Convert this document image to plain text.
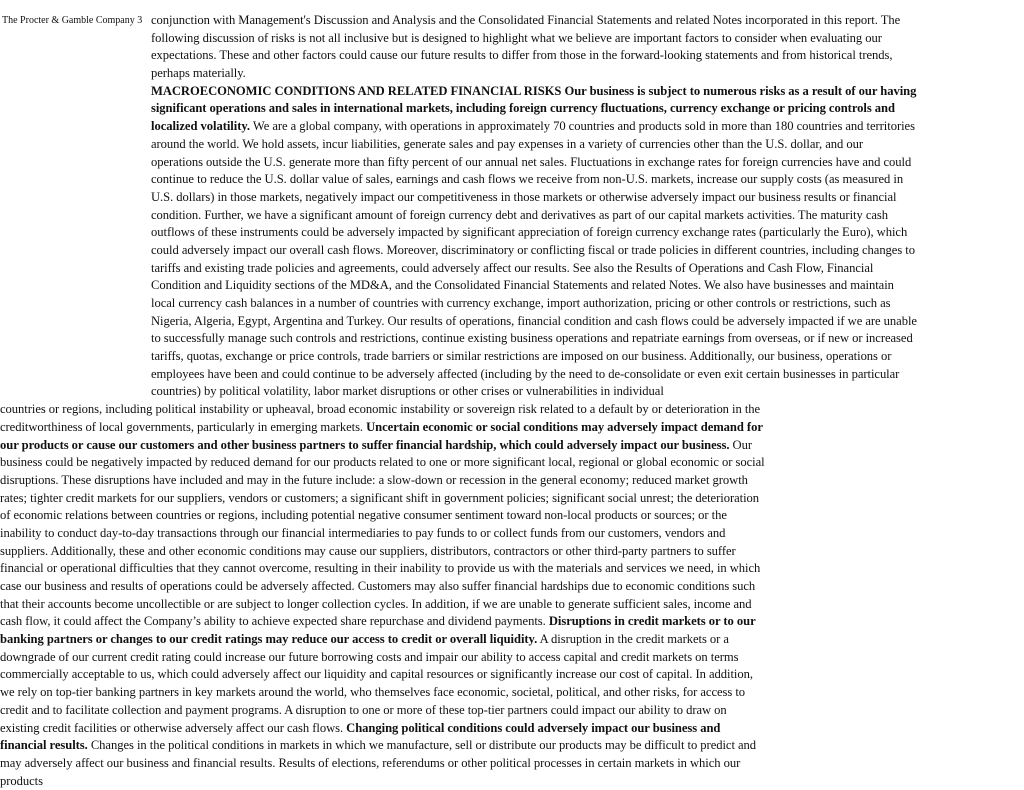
The Procter & Gamble Company 3 conjunction with Management's Discussion and Analysis and the Consolidated Financial Statements and related Notes incorporated in this report. The
following discussion of risks is not all inclusive but is designed to highlight what we believe are important factors to consider when evaluating our
expectations. These and other factors could cause our future results to differ from those in the forward-looking statements and from historical trends,
perhaps materially.
MACROECONOMIC CONDITIONS AND RELATED FINANCIAL RISKS Our business is subject to numerous risks as a result of our having
significant operations and sales in international markets, including foreign currency fluctuations, currency exchange or pricing controls and
localized volatility. We are a global company, with operations in approximately 70 countries and products sold in more than 180 countries and territories
around the world. We hold assets, incur liabilities, generate sales and pay expenses in a variety of currencies other than the U.S. dollar, and our
operations outside the U.S. generate more than fifty percent of our annual net sales. Fluctuations in exchange rates for foreign currencies have and could
continue to reduce the U.S. dollar value of sales, earnings and cash flows we receive from non-U.S. markets, increase our supply costs (as measured in
U.S. dollars) in those markets, negatively impact our competitiveness in those markets or otherwise adversely impact our business results or financial
condition. Further, we have a significant amount of foreign currency debt and derivatives as part of our capital markets activities. The maturity cash
outflows of these instruments could be adversely impacted by significant appreciation of foreign currency exchange rates (particularly the Euro), which
could adversely impact our overall cash flows. Moreover, discriminatory or conflicting fiscal or trade policies in different countries, including changes to
tariffs and existing trade policies and agreements, could adversely affect our results. See also the Results of Operations and Cash Flow, Financial
Condition and Liquidity sections of the MD&A, and the Consolidated Financial Statements and related Notes. We also have businesses and maintain
local currency cash balances in a number of countries with currency exchange, import authorization, pricing or other controls or restrictions, such as
Nigeria, Algeria, Egypt, Argentina and Turkey. Our results of operations, financial condition and cash flows could be adversely impacted if we are unable
to successfully manage such controls and restrictions, continue existing business operations and repatriate earnings from overseas, or if new or increased
tariffs, quotas, exchange or price controls, trade barriers or similar restrictions are imposed on our business. Additionally, our business, operations or
employees have been and could continue to be adversely affected (including by the need to de-consolidate or even exit certain businesses in particular
countries) by political volatility, labor market disruptions or other crises or vulnerabilities in individual
countries or regions, including political instability or upheaval, broad economic instability or sovereign risk related to a default by or deterioration in the
creditworthiness of local governments, particularly in emerging markets. Uncertain economic or social conditions may adversely impact demand for
our products or cause our customers and other business partners to suffer financial hardship, which could adversely impact our business. Our
business could be negatively impacted by reduced demand for our products related to one or more significant local, regional or global economic or social
disruptions. These disruptions have included and may in the future include: a slow-down or recession in the general economy; reduced market growth
rates; tighter credit markets for our suppliers, vendors or customers; a significant shift in government policies; significant social unrest; the deterioration
of economic relations between countries or regions, including potential negative consumer sentiment toward non-local products or sources; or the
inability to conduct day-to-day transactions through our financial intermediaries to pay funds to or collect funds from our customers, vendors and
suppliers. Additionally, these and other economic conditions may cause our suppliers, distributors, contractors or other third-party partners to suffer
financial or operational difficulties that they cannot overcome, resulting in their inability to provide us with the materials and services we need, in which
case our business and results of operations could be adversely affected. Customers may also suffer financial hardships due to economic conditions such
that their accounts become uncollectible or are subject to longer collection cycles. In addition, if we are unable to generate sufficient sales, income and
cash flow, it could affect the Company’s ability to achieve expected share repurchase and dividend payments. Disruptions in credit markets or to our
banking partners or changes to our credit ratings may reduce our access to credit or overall liquidity. A disruption in the credit markets or a
downgrade of our current credit rating could increase our future borrowing costs and impair our ability to access capital and credit markets on terms
commercially acceptable to us, which could adversely affect our liquidity and capital resources or significantly increase our cost of capital. In addition,
we rely on top-tier banking partners in key markets around the world, who themselves face economic, societal, political, and other risks, for access to
credit and to facilitate collection and payment programs. A disruption to one or more of these top-tier partners could impact our ability to draw on
existing credit facilities or otherwise adversely affect our cash flows. Changing political conditions could adversely impact our business and
financial results. Changes in the political conditions in markets in which we manufacture, sell or distribute our products may be difficult to predict and
may adversely affect our business and financial results. Results of elections, referendums or other political processes in certain markets in which our
products
